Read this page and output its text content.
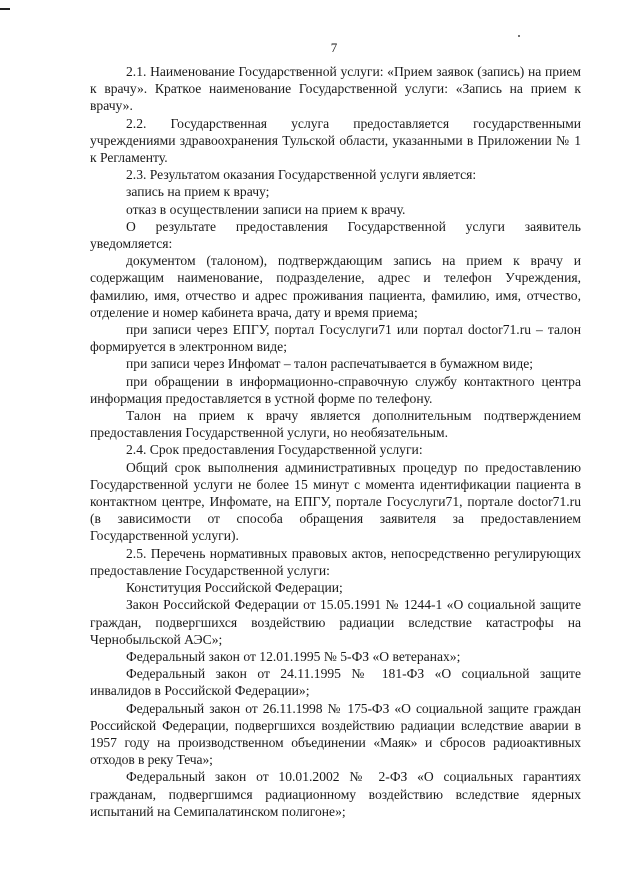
7

2.1. Наименование Государственной услуги: «Прием заявок (запись) на прием к врачу». Краткое наименование Государственной услуги: «Запись на прием к врачу».

2.2. Государственная услуга предоставляется государственными учреждениями здравоохранения Тульской области, указанными в Приложении № 1 к Регламенту.

2.3. Результатом оказания Государственной услуги является:

запись на прием к врачу;

отказ в осуществлении записи на прием к врачу.

О результате предоставления Государственной услуги заявитель уведомляется:

документом (талоном), подтверждающим запись на прием к врачу и содержащим наименование, подразделение, адрес и телефон Учреждения, фамилию, имя, отчество и адрес проживания пациента, фамилию, имя, отчество, отделение и номер кабинета врача, дату и время приема;

при записи через ЕПГУ, портал Госуслуги71 или портал doctor71.ru – талон формируется в электронном виде;

при записи через Инфомат – талон распечатывается в бумажном виде;

при обращении в информационно-справочную службу контактного центра информация предоставляется в устной форме по телефону.

Талон на прием к врачу является дополнительным подтверждением предоставления Государственной услуги, но необязательным.

2.4. Срок предоставления Государственной услуги:

Общий срок выполнения административных процедур по предоставлению Государственной услуги не более 15 минут с момента идентификации пациента в контактном центре, Инфомате, на ЕПГУ, портале Госуслуги71, портале doctor71.ru (в зависимости от способа обращения заявителя за предоставлением Государственной услуги).

2.5. Перечень нормативных правовых актов, непосредственно регулирующих предоставление Государственной услуги:

Конституция Российской Федерации;

Закон Российской Федерации от 15.05.1991 № 1244-1 «О социальной защите граждан, подвергшихся воздействию радиации вследствие катастрофы на Чернобыльской АЭС»;

Федеральный закон от 12.01.1995 № 5-ФЗ «О ветеранах»;

Федеральный закон от 24.11.1995 № 181-ФЗ «О социальной защите инвалидов в Российской Федерации»;

Федеральный закон от 26.11.1998 № 175-ФЗ «О социальной защите граждан Российской Федерации, подвергшихся воздействию радиации вследствие аварии в 1957 году на производственном объединении «Маяк» и сбросов радиоактивных отходов в реку Теча»;

Федеральный закон от 10.01.2002 № 2-ФЗ «О социальных гарантиях гражданам, подвергшимся радиационному воздействию вследствие ядерных испытаний на Семипалатинском полигоне»;
